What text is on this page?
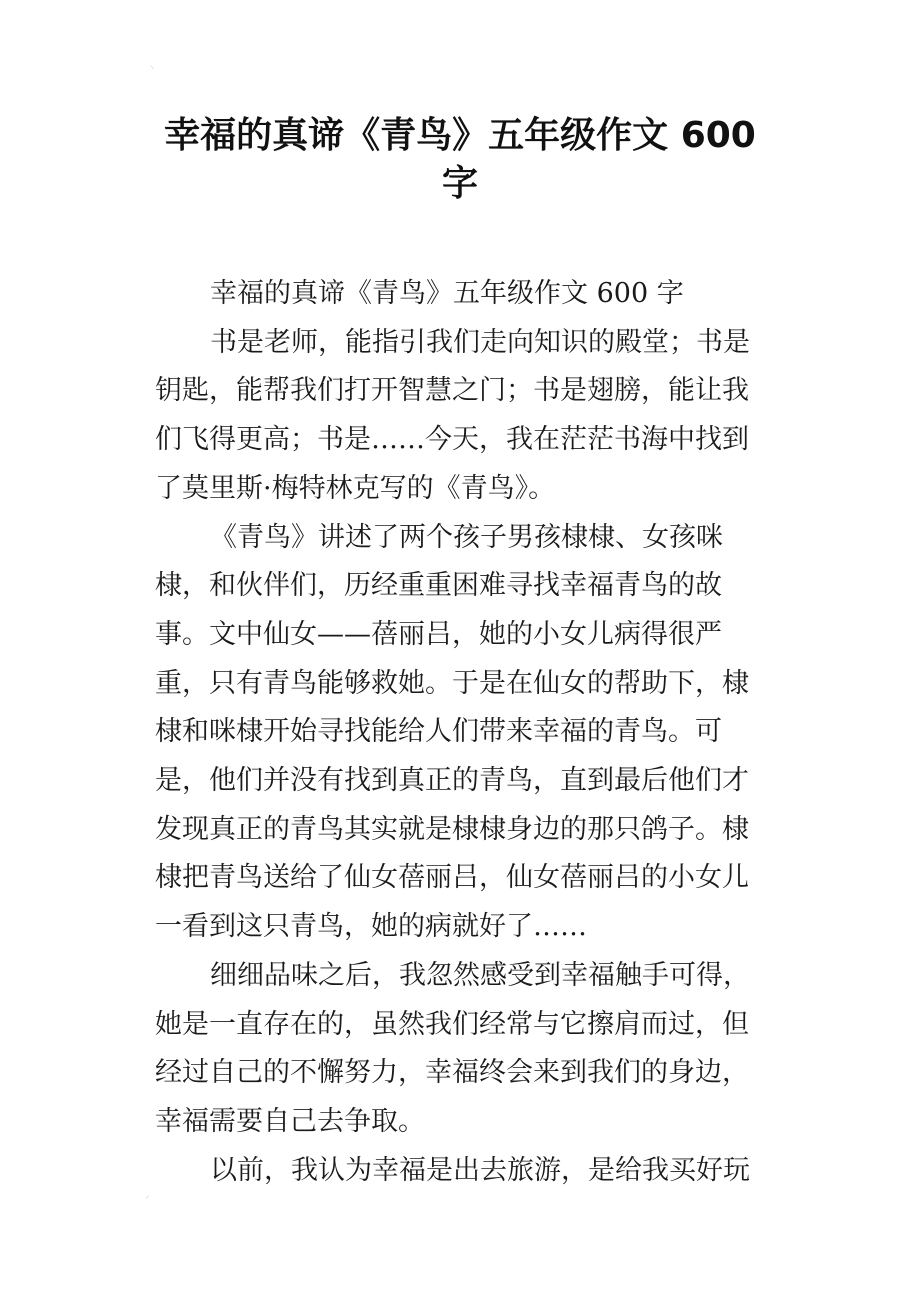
⸌
幸福的真谛《青鸟》五年级作文 600 字

幸福的真谛《青鸟》五年级作文 600 字

书是老师，能指引我们走向知识的殿堂；书是钥匙，能帮我们打开智慧之门；书是翅膀，能让我们飞得更高；书是……今天，我在茫茫书海中找到了莫里斯·梅特林克写的《青鸟》。

《青鸟》讲述了两个孩子男孩棣棣、女孩咪棣，和伙伴们，历经重重困难寻找幸福青鸟的故事。文中仙女——蓓丽吕，她的小女儿病得很严重，只有青鸟能够救她。于是在仙女的帮助下，棣棣和咪棣开始寻找能给人们带来幸福的青鸟。可是，他们并没有找到真正的青鸟，直到最后他们才发现真正的青鸟其实就是棣棣身边的那只鸽子。棣棣把青鸟送给了仙女蓓丽吕，仙女蓓丽吕的小女儿一看到这只青鸟，她的病就好了……

细细品味之后，我忽然感受到幸福触手可得，她是一直存在的，虽然我们经常与它擦肩而过，但经过自己的不懈努力，幸福终会来到我们的身边，幸福需要自己去争取。

以前，我认为幸福是出去旅游，是给我买好玩

⸝
